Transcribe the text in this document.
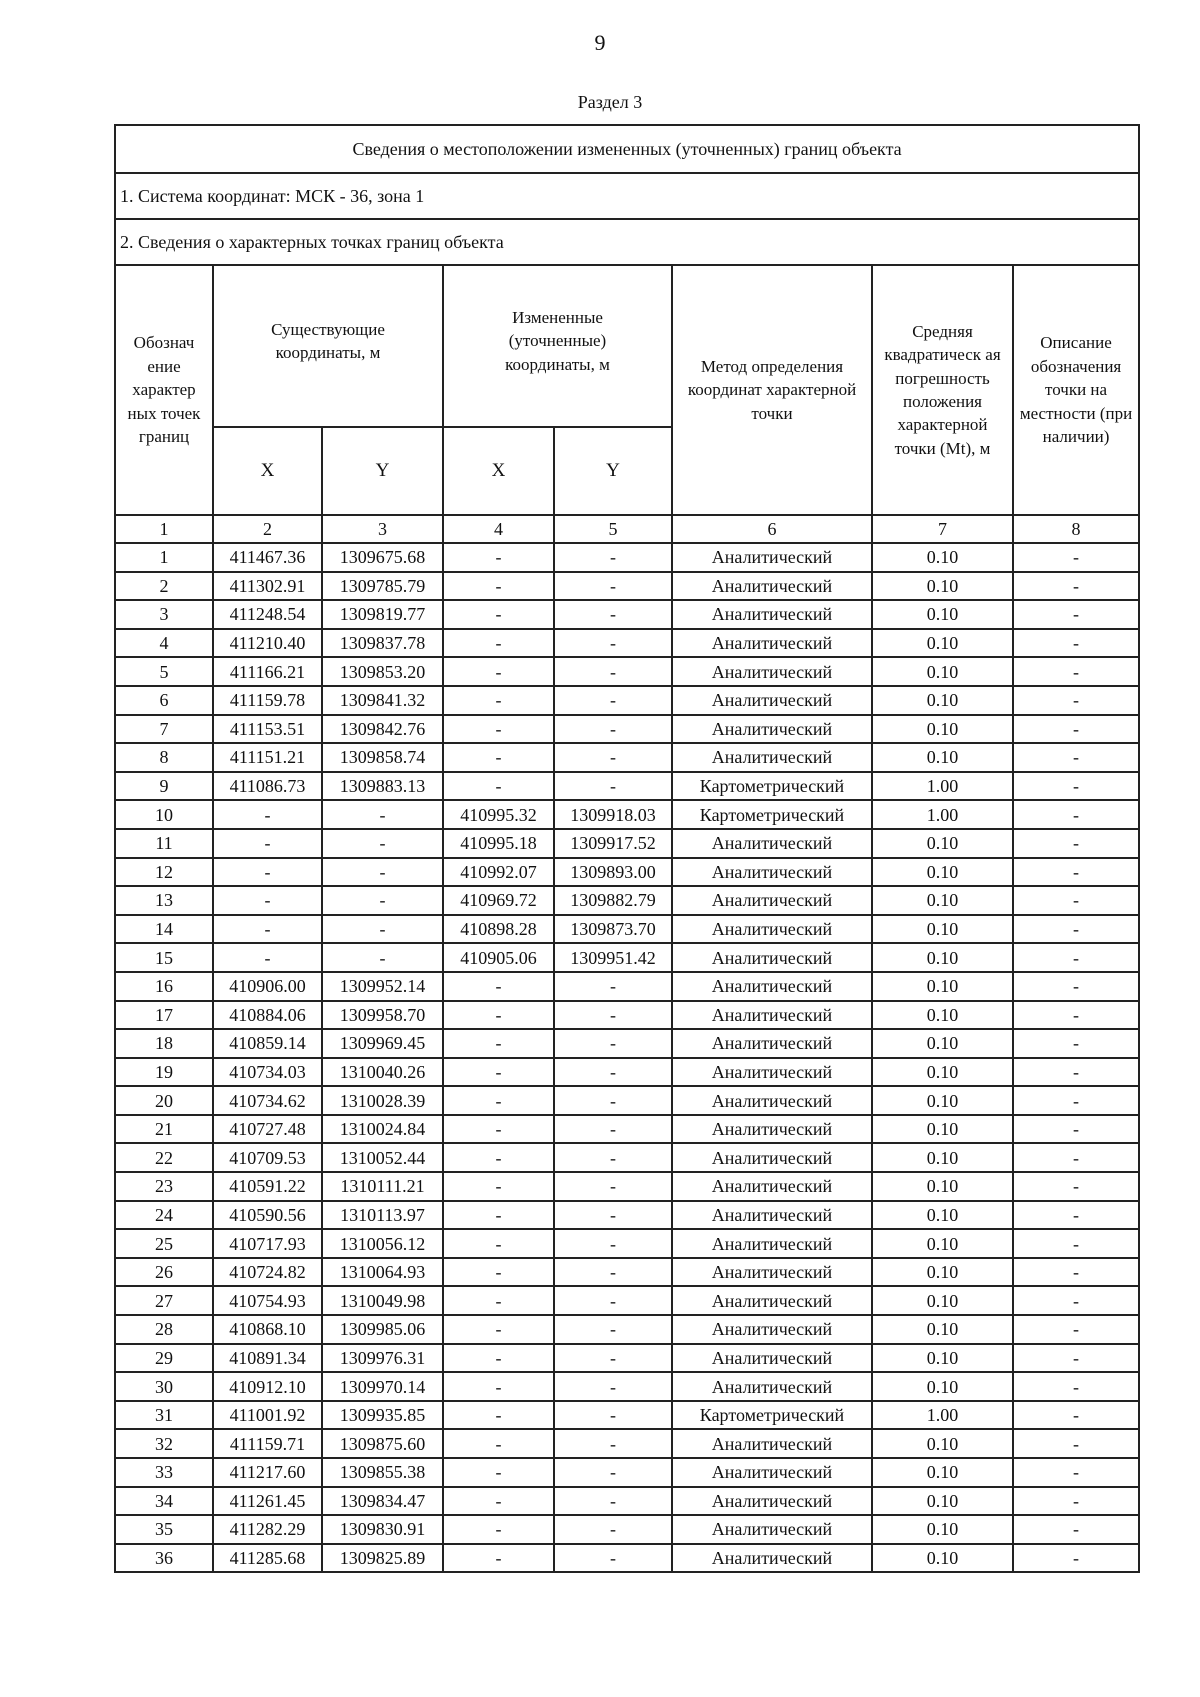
9
Раздел 3
Сведения о местоположении измененных (уточненных) границ объекта							
1. Система координат: МСК - 36, зона 1							
2. Сведения о характерных точках границ объекта							
Обознач ение характер ных точек границ	Существующие координаты, м		Измененные (уточненные) координаты, м		Метод определения координат характерной точки	Средняя квадратическ ая погрешность положения характерной точки (Mt), м	Описание обозначения точки на местности (при наличии)
	X	Y	X	Y			
1	2	3	4	5	6	7	8
1	411467.36	1309675.68	-	-	Аналитический	0.10	-
2	411302.91	1309785.79	-	-	Аналитический	0.10	-
3	411248.54	1309819.77	-	-	Аналитический	0.10	-
4	411210.40	1309837.78	-	-	Аналитический	0.10	-
5	411166.21	1309853.20	-	-	Аналитический	0.10	-
6	411159.78	1309841.32	-	-	Аналитический	0.10	-
7	411153.51	1309842.76	-	-	Аналитический	0.10	-
8	411151.21	1309858.74	-	-	Аналитический	0.10	-
9	411086.73	1309883.13	-	-	Картометрический	1.00	-
10	-	-	410995.32	1309918.03	Картометрический	1.00	-
11	-	-	410995.18	1309917.52	Аналитический	0.10	-
12	-	-	410992.07	1309893.00	Аналитический	0.10	-
13	-	-	410969.72	1309882.79	Аналитический	0.10	-
14	-	-	410898.28	1309873.70	Аналитический	0.10	-
15	-	-	410905.06	1309951.42	Аналитический	0.10	-
16	410906.00	1309952.14	-	-	Аналитический	0.10	-
17	410884.06	1309958.70	-	-	Аналитический	0.10	-
18	410859.14	1309969.45	-	-	Аналитический	0.10	-
19	410734.03	1310040.26	-	-	Аналитический	0.10	-
20	410734.62	1310028.39	-	-	Аналитический	0.10	-
21	410727.48	1310024.84	-	-	Аналитический	0.10	-
22	410709.53	1310052.44	-	-	Аналитический	0.10	-
23	410591.22	1310111.21	-	-	Аналитический	0.10	-
24	410590.56	1310113.97	-	-	Аналитический	0.10	-
25	410717.93	1310056.12	-	-	Аналитический	0.10	-
26	410724.82	1310064.93	-	-	Аналитический	0.10	-
27	410754.93	1310049.98	-	-	Аналитический	0.10	-
28	410868.10	1309985.06	-	-	Аналитический	0.10	-
29	410891.34	1309976.31	-	-	Аналитический	0.10	-
30	410912.10	1309970.14	-	-	Аналитический	0.10	-
31	411001.92	1309935.85	-	-	Картометрический	1.00	-
32	411159.71	1309875.60	-	-	Аналитический	0.10	-
33	411217.60	1309855.38	-	-	Аналитический	0.10	-
34	411261.45	1309834.47	-	-	Аналитический	0.10	-
35	411282.29	1309830.91	-	-	Аналитический	0.10	-
36	411285.68	1309825.89	-	-	Аналитический	0.10	-
